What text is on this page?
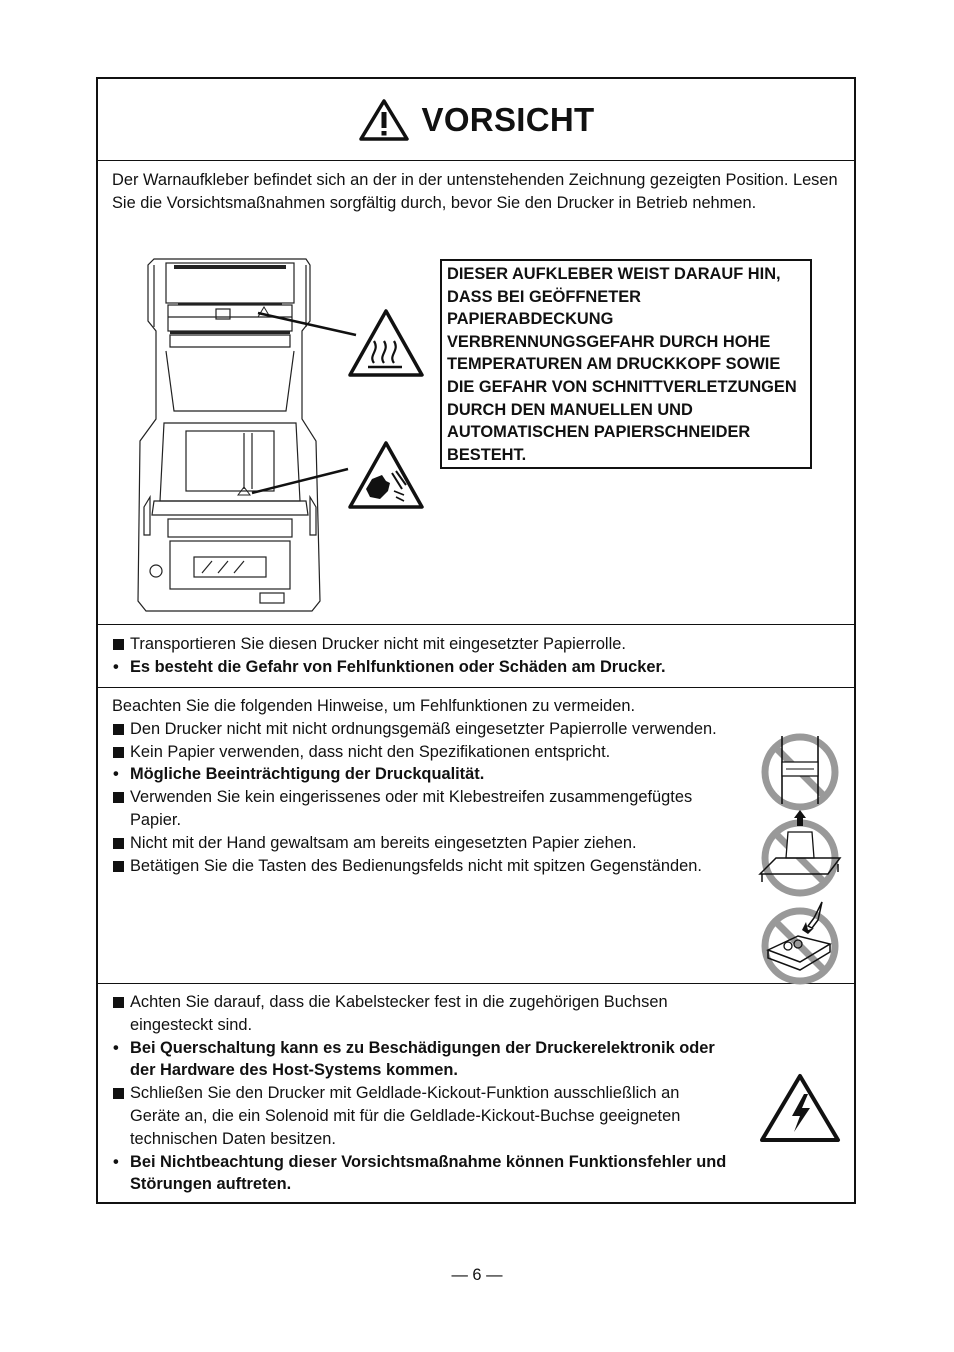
VORSICHT
Der Warnaufkleber befindet sich an der in der untenstehenden Zeichnung gezeigten Position. Lesen Sie die Vorsichtsmaßnahmen sorgfältig durch, bevor Sie den Drucker in Betrieb nehmen.
DIESER AUFKLEBER WEIST DARAUF HIN, DASS BEI GEÖFFNETER PAPIERABDECKUNG VERBRENNUNGSGEFAHR DURCH HOHE TEMPERATUREN AM DRUCKKOPF SOWIE DIE GEFAHR VON SCHNITTVERLETZUNGEN DURCH DEN MANUELLEN UND AUTOMATISCHEN PAPIERSCHNEIDER BESTEHT.
Transportieren Sie diesen Drucker nicht mit eingesetzter Papierrolle.
• Es besteht die Gefahr von Fehlfunktionen oder Schäden am Drucker.
Beachten Sie die folgenden Hinweise, um Fehlfunktionen zu vermeiden.
Den Drucker nicht mit nicht ordnungsgemäß eingesetzter Papierrolle verwenden.
Kein Papier verwenden, dass nicht den Spezifikationen entspricht.
• Mögliche Beeinträchtigung der Druckqualität.
Verwenden Sie kein eingerissenes oder mit Klebestreifen zusammengefügtes Papier.
Nicht mit der Hand gewaltsam am bereits eingesetzten Papier ziehen.
Betätigen Sie die Tasten des Bedienungsfelds nicht mit spitzen Gegenständen.
Achten Sie darauf, dass die Kabelstecker fest in die zugehörigen Buchsen eingesteckt sind.
• Bei Querschaltung kann es zu Beschädigungen der Druckerelektronik oder der Hardware des Host-Systems kommen.
Schließen Sie den Drucker mit Geldlade-Kickout-Funktion ausschließlich an Geräte an, die ein Solenoid mit für die Geldlade-Kickout-Buchse geeigneten technischen Daten besitzen.
• Bei Nichtbeachtung dieser Vorsichtsmaßnahme können Funktionsfehler und Störungen auftreten.
— 6 —
